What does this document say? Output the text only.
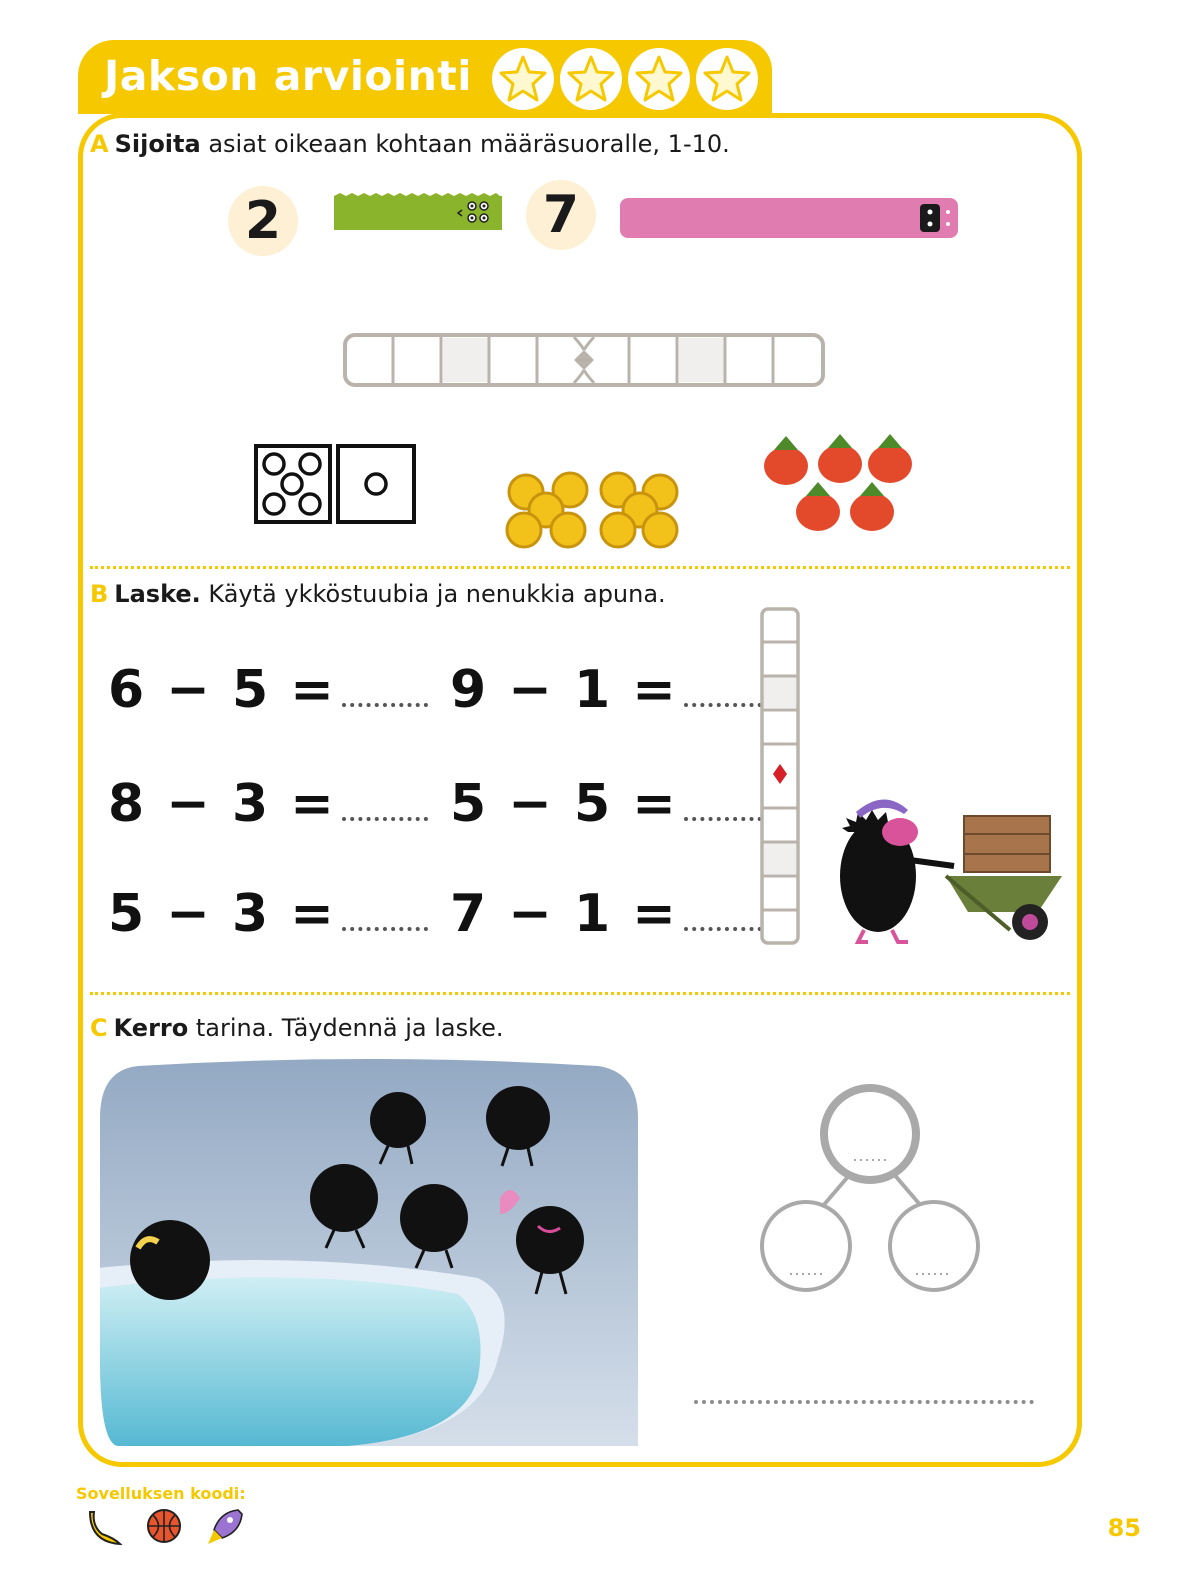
Jakson arviointi
A Sijoita asiat oikeaan kohtaan määräsuoralle, 1-10.
2	7
B Laske. Käytä ykköstuubia ja nenukkia apuna.
6 − 5 =	9 − 1 =
8 − 3 =	5 − 5 =
5 − 3 =	7 − 1 =
C Kerro tarina. Täydennä ja laske.
Sovelluksen koodi:
85
